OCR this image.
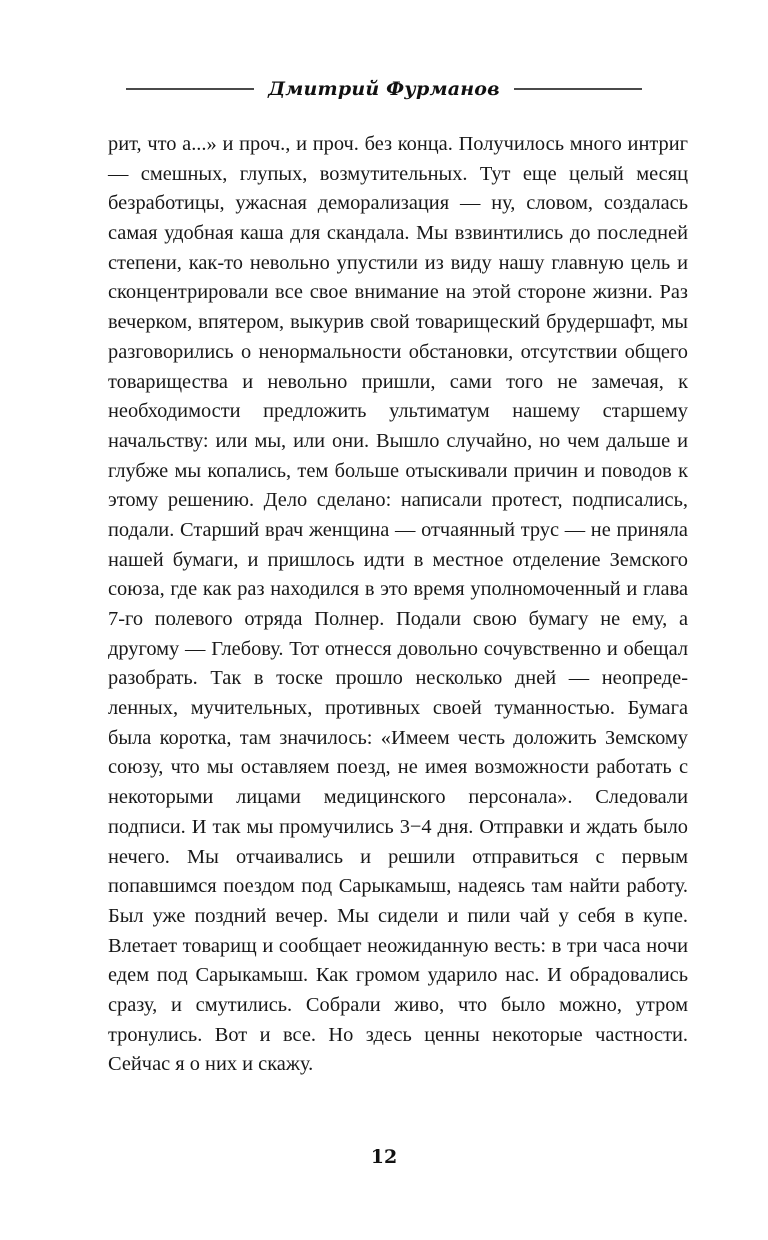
Дмитрий Фурманов

рит, что а...» и проч., и проч. без конца. Получилось много интриг — смешных, глупых, возмутительных. Тут еще целый месяц безработицы, ужасная деморализация — ну, словом, создалась самая удобная каша для скандала. Мы взвинтились до последней степени, как-то невольно упустили из виду нашу главную цель и сконцентрировали все свое внимание на этой стороне жизни. Раз вечерком, впятером, выкурив свой товарищеский брудершафт, мы разговорились о ненормальности обстановки, отсутствии общего товарищества и невольно пришли, сами того не замечая, к необходимости предложить ультиматум нашему старшему начальству: или мы, или они. Вышло случайно, но чем дальше и глубже мы копались, тем больше отыскивали причин и поводов к этому решению. Дело сделано: написали протест, подписались, подали. Старший врач женщина — отчаянный трус — не приняла нашей бумаги, и пришлось идти в местное отделение Земского союза, где как раз находился в это время уполномоченный и глава 7-го полевого отряда Полнер. Подали свою бумагу не ему, а другому — Глебову. Тот отнесся довольно сочувственно и обещал разобрать. Так в тоске прошло несколько дней — неопределенных, мучительных, противных своей туманностью. Бумага была коротка, там значилось: «Имеем честь доложить Земскому союзу, что мы оставляем поезд, не имея возможности работать с некоторыми лицами медицинского персонала». Следовали подписи. И так мы промучились 3−4 дня. Отправки и ждать было нечего. Мы отчаивались и решили отправиться с первым попавшимся поездом под Сарыкамыш, надеясь там найти работу. Был уже поздний вечер. Мы сидели и пили чай у себя в купе. Влетает товарищ и сообщает неожиданную весть: в три часа ночи едем под Сарыкамыш. Как громом ударило нас. И обрадовались сразу, и смутились. Собрали живо, что было можно, утром тронулись. Вот и все. Но здесь ценны некоторые частности. Сейчас я о них и скажу.

12
